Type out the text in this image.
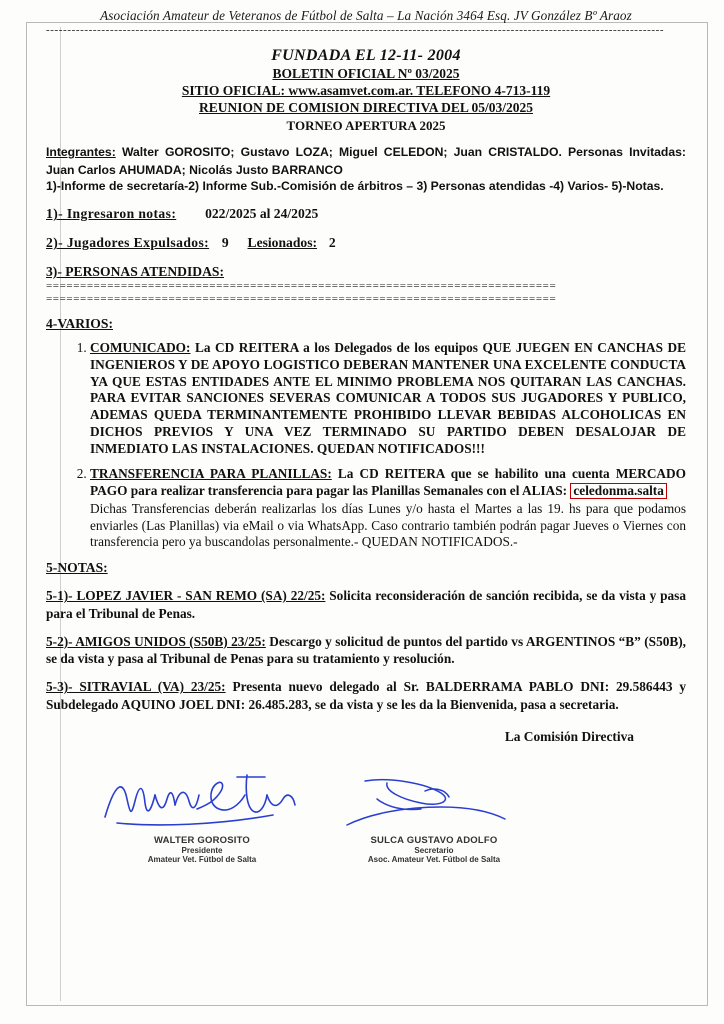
Asociación Amateur de Veteranos de Fútbol de Salta – La Nación 3464 Esq. JV González Bº Araoz
-------------------------------------------------------------------------------------------------------------------------------------------------
FUNDADA EL 12-11- 2004
BOLETIN OFICIAL Nº 03/2025
SITIO OFICIAL: www.asamvet.com.ar. TELEFONO 4-713-119
REUNION DE COMISION DIRECTIVA DEL 05/03/2025
TORNEO APERTURA 2025
Integrantes: Walter GOROSITO; Gustavo LOZA; Miguel CELEDON; Juan CRISTALDO. Personas Invitadas: Juan Carlos AHUMADA; Nicolás Justo BARRANCO
1)-Informe de secretaría-2) Informe Sub.-Comisión de árbitros – 3) Personas atendidas -4) Varios- 5)-Notas.
1)- Ingresaron notas: 022/2025 al 24/2025
2)- Jugadores Expulsados: 9 Lesionados: 2
3)- PERSONAS ATENDIDAS:
===========================================================================
===========================================================================
4-VARIOS:
1. COMUNICADO: La CD REITERA a los Delegados de los equipos QUE JUEGEN EN CANCHAS DE INGENIEROS Y DE APOYO LOGISTICO DEBERAN MANTENER UNA EXCELENTE CONDUCTA YA QUE ESTAS ENTIDADES ANTE EL MINIMO PROBLEMA NOS QUITARAN LAS CANCHAS. PARA EVITAR SANCIONES SEVERAS COMUNICAR A TODOS SUS JUGADORES Y PUBLICO, ADEMAS QUEDA TERMINANTEMENTE PROHIBIDO LLEVAR BEBIDAS ALCOHOLICAS EN DICHOS PREVIOS Y UNA VEZ TERMINADO SU PARTIDO DEBEN DESALOJAR DE INMEDIATO LAS INSTALACIONES. QUEDAN NOTIFICADOS!!!
2. TRANSFERENCIA PARA PLANILLAS: La CD REITERA que se habilito una cuenta MERCADO PAGO para realizar transferencia para pagar las Planillas Semanales con el ALIAS: celedonma.salta
Dichas Transferencias deberán realizarlas los días Lunes y/o hasta el Martes a las 19. hs para que podamos enviarles (Las Planillas) via eMail o via WhatsApp. Caso contrario también podrán pagar Jueves o Viernes con transferencia pero ya buscandolas personalmente.- QUEDAN NOTIFICADOS.-
5-NOTAS:
5-1)- LOPEZ JAVIER - SAN REMO (SA) 22/25: Solicita reconsideración de sanción recibida, se da vista y pasa para el Tribunal de Penas.
5-2)- AMIGOS UNIDOS (S50B) 23/25: Descargo y solicitud de puntos del partido vs ARGENTINOS “B” (S50B), se da vista y pasa al Tribunal de Penas para su tratamiento y resolución.
5-3)- SITRAVIAL (VA) 23/25: Presenta nuevo delegado al Sr. BALDERRAMA PABLO DNI: 29.586443 y Subdelegado AQUINO JOEL DNI: 26.485.283, se da vista y se les da la Bienvenida, pasa a secretaria.
La Comisión Directiva
WALTER GOROSITO
Presidente
Amateur Vet. Fútbol de Salta
SULCA GUSTAVO ADOLFO
Secretario
Asoc. Amateur Vet. Fútbol de Salta
